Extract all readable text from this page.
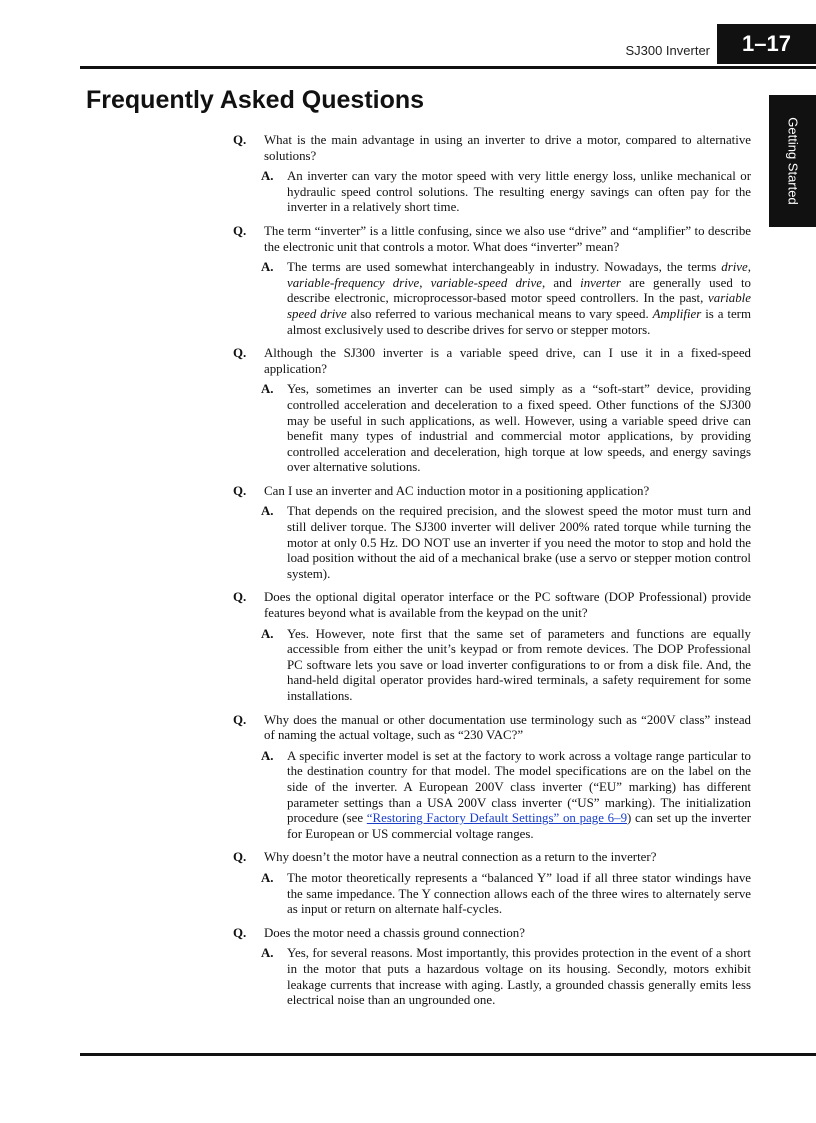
SJ300 Inverter	1–17
Getting Started
Frequently Asked Questions
Q.	What is the main advantage in using an inverter to drive a motor, compared to alternative solutions?
A.	An inverter can vary the motor speed with very little energy loss, unlike mechanical or hydraulic speed control solutions. The resulting energy savings can often pay for the inverter in a relatively short time.
Q.	The term “inverter” is a little confusing, since we also use “drive” and “amplifier” to describe the electronic unit that controls a motor. What does “inverter” mean?
A.	The terms are used somewhat interchangeably in industry. Nowadays, the terms drive, variable-frequency drive, variable-speed drive, and inverter are generally used to describe electronic, microprocessor-based motor speed controllers. In the past, variable speed drive also referred to various mechanical means to vary speed. Amplifier is a term almost exclusively used to describe drives for servo or stepper motors.
Q.	Although the SJ300 inverter is a variable speed drive, can I use it in a fixed-speed application?
A.	Yes, sometimes an inverter can be used simply as a “soft-start” device, providing controlled acceleration and deceleration to a fixed speed. Other functions of the SJ300 may be useful in such applications, as well. However, using a variable speed drive can benefit many types of industrial and commercial motor applications, by providing controlled acceleration and deceleration, high torque at low speeds, and energy savings over alternative solutions.
Q.	Can I use an inverter and AC induction motor in a positioning application?
A.	That depends on the required precision, and the slowest speed the motor must turn and still deliver torque. The SJ300 inverter will deliver 200% rated torque while turning the motor at only 0.5 Hz. DO NOT use an inverter if you need the motor to stop and hold the load position without the aid of a mechanical brake (use a servo or stepper motion control system).
Q.	Does the optional digital operator interface or the PC software (DOP Professional) provide features beyond what is available from the keypad on the unit?
A.	Yes. However, note first that the same set of parameters and functions are equally accessible from either the unit’s keypad or from remote devices. The DOP Professional PC software lets you save or load inverter configurations to or from a disk file. And, the hand-held digital operator provides hard-wired terminals, a safety requirement for some installations.
Q.	Why does the manual or other documentation use terminology such as “200V class” instead of naming the actual voltage, such as “230 VAC?”
A.	A specific inverter model is set at the factory to work across a voltage range particular to the destination country for that model. The model specifications are on the label on the side of the inverter. A European 200V class inverter (“EU” marking) has different parameter settings than a USA 200V class inverter (“US” marking). The initialization procedure (see “Restoring Factory Default Settings” on page 6–9) can set up the inverter for European or US commercial voltage ranges.
Q.	Why doesn’t the motor have a neutral connection as a return to the inverter?
A.	The motor theoretically represents a “balanced Y” load if all three stator windings have the same impedance. The Y connection allows each of the three wires to alternately serve as input or return on alternate half-cycles.
Q.	Does the motor need a chassis ground connection?
A.	Yes, for several reasons. Most importantly, this provides protection in the event of a short in the motor that puts a hazardous voltage on its housing. Secondly, motors exhibit leakage currents that increase with aging. Lastly, a grounded chassis generally emits less electrical noise than an ungrounded one.
